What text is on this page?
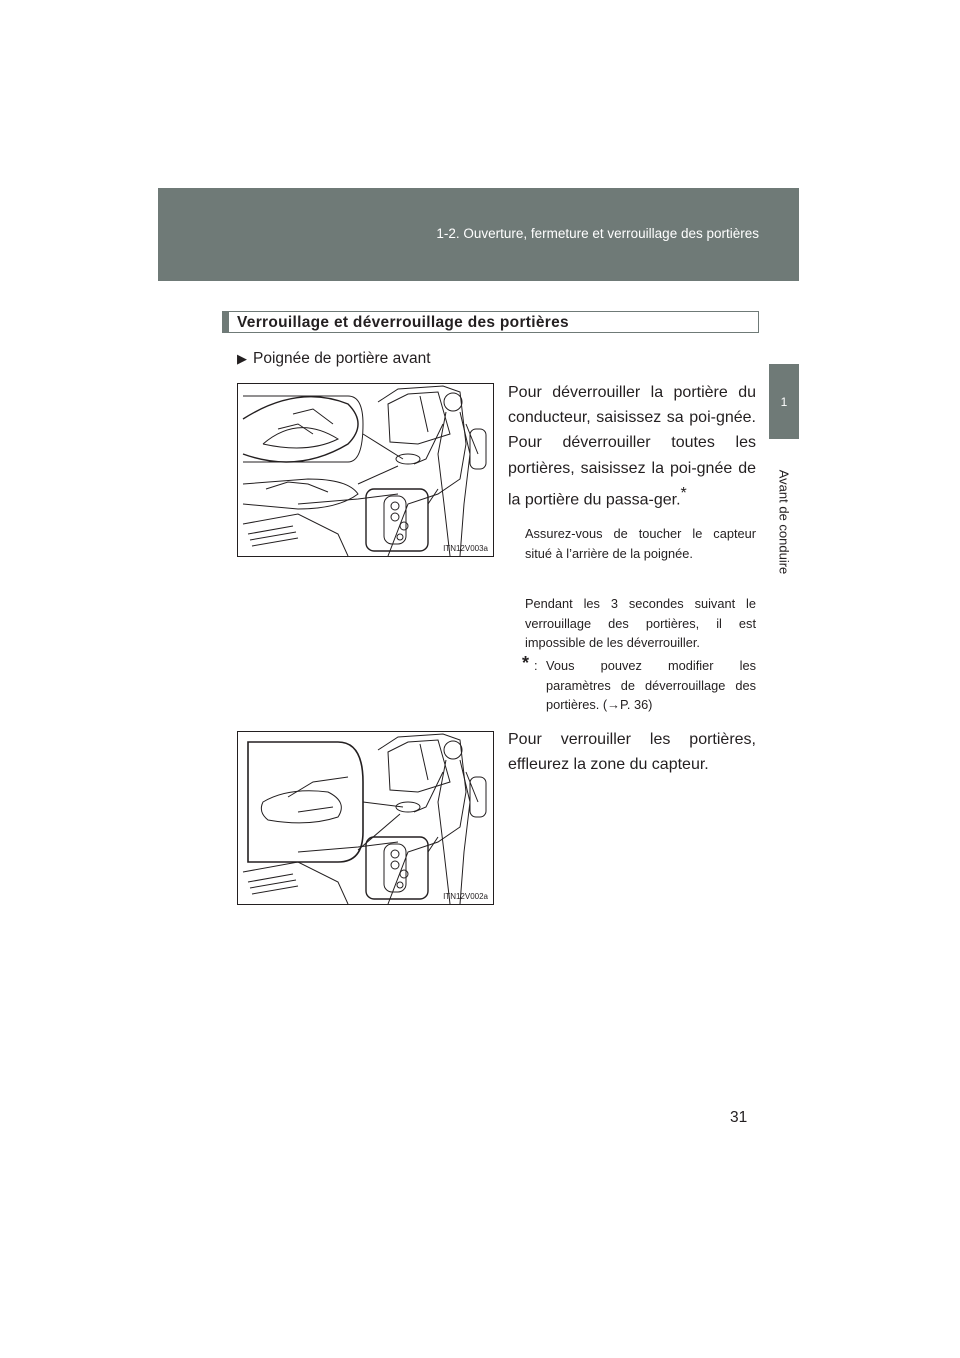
1-2. Ouverture, fermeture et verrouillage des portières
1
Avant de conduire
Verrouillage et déverrouillage des portières
▶ Poignée de portière avant
ITN12V003a

Pour déverrouiller la portière du conducteur, saisissez sa poi-gnée. Pour déverrouiller toutes les portières, saisissez la poi-gnée de la portière du passa-ger.*

Assurez-vous de toucher le capteur situé à l’arrière de la poignée.

Pendant les 3 secondes suivant le verrouillage des portières, il est impossible de les déverrouiller.

* : Vous pouvez modifier les paramètres de déverrouillage des portières. (→P. 36)
ITN12V002a

Pour verrouiller les portières, effleurez la zone du capteur.

31
